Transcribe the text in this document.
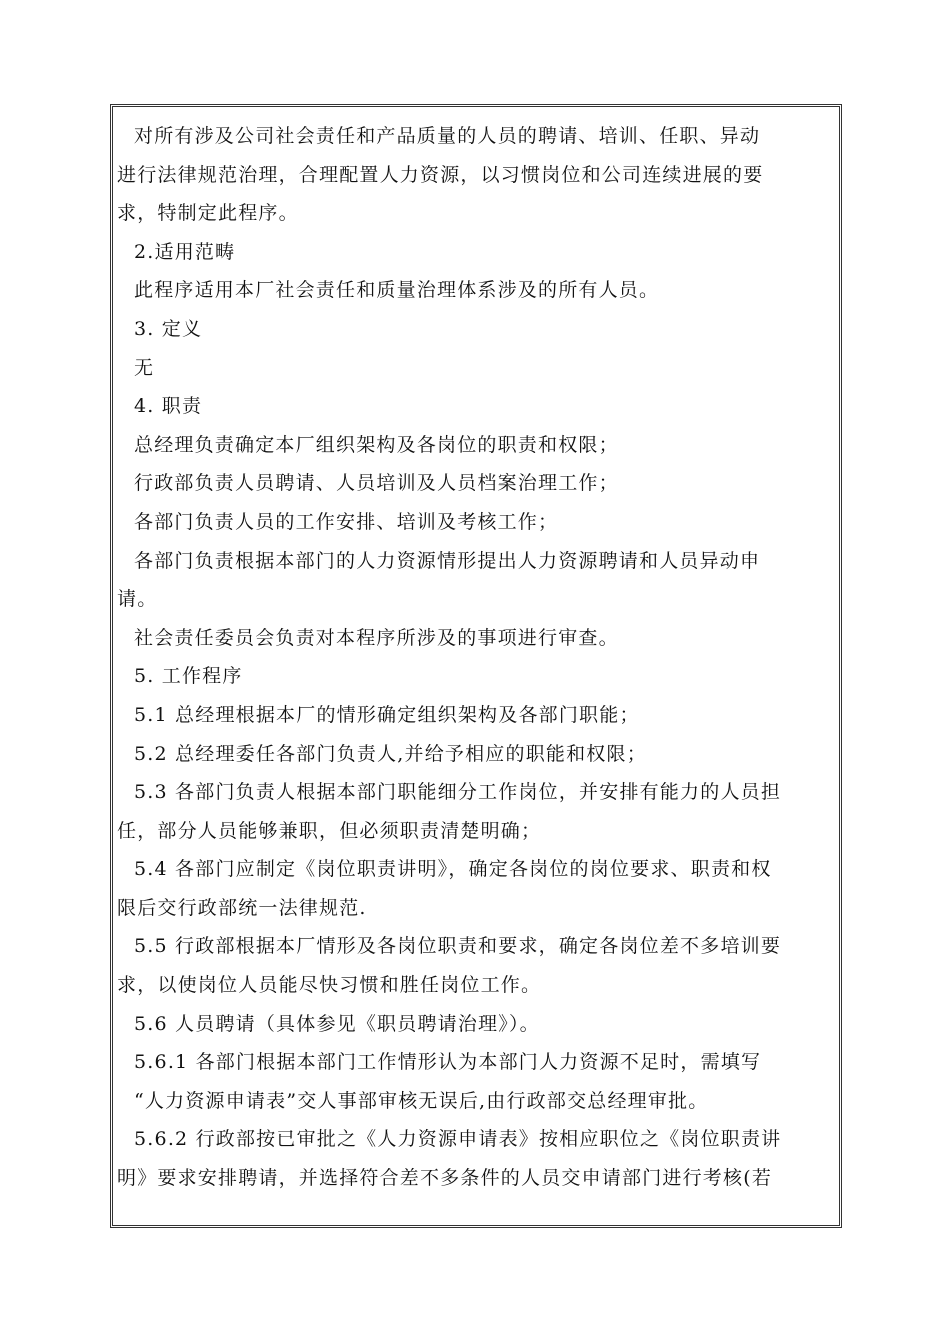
对所有涉及公司社会责任和产品质量的人员的聘请、培训、任职、异动
进行法律规范治理，合理配置人力资源，以习惯岗位和公司连续进展的要
求，特制定此程序。
2.适用范畴
此程序适用本厂社会责任和质量治理体系涉及的所有人员。
3. 定义
无
4. 职责
总经理负责确定本厂组织架构及各岗位的职责和权限；
行政部负责人员聘请、人员培训及人员档案治理工作；
各部门负责人员的工作安排、培训及考核工作；
各部门负责根据本部门的人力资源情形提出人力资源聘请和人员异动申
请。
社会责任委员会负责对本程序所涉及的事项进行审查。
5. 工作程序
5.1 总经理根据本厂的情形确定组织架构及各部门职能；
5.2 总经理委任各部门负责人,并给予相应的职能和权限；
5.3 各部门负责人根据本部门职能细分工作岗位，并安排有能力的人员担
任，部分人员能够兼职，但必须职责清楚明确；
5.4 各部门应制定《岗位职责讲明》，确定各岗位的岗位要求、职责和权
限后交行政部统一法律规范.
5.5 行政部根据本厂情形及各岗位职责和要求，确定各岗位差不多培训要
求，以使岗位人员能尽快习惯和胜任岗位工作。
5.6 人员聘请（具体参见《职员聘请治理》）。
5.6.1 各部门根据本部门工作情形认为本部门人力资源不足时，需填写
“人力资源申请表”交人事部审核无误后,由行政部交总经理审批。
5.6.2 行政部按已审批之《人力资源申请表》按相应职位之《岗位职责讲
明》要求安排聘请，并选择符合差不多条件的人员交申请部门进行考核(若
